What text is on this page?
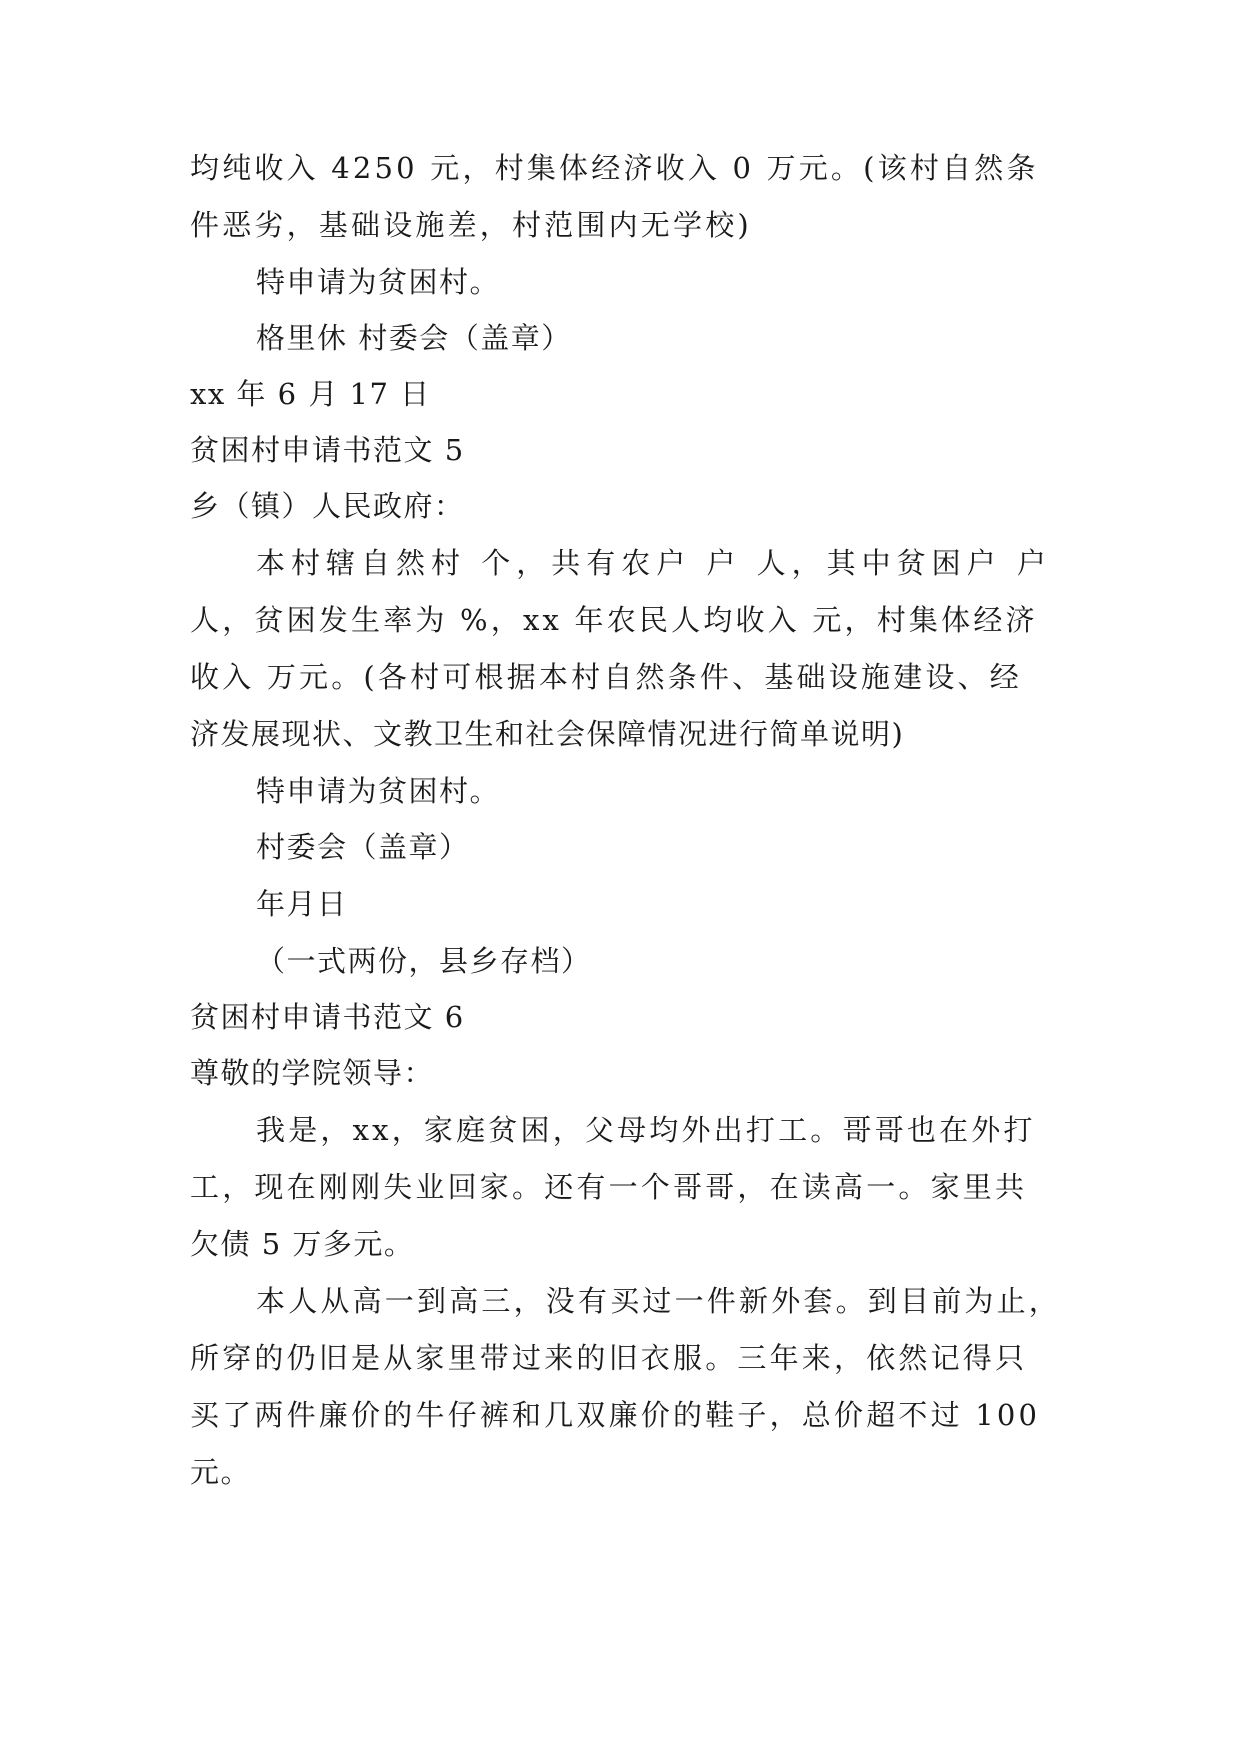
均纯收入 4250 元，村集体经济收入 0 万元。(该村自然条
件恶劣，基础设施差，村范围内无学校)
特申请为贫困村。
格里休 村委会（盖章）
xx 年 6 月 17 日
贫困村申请书范文 5
乡（镇）人民政府：
本村辖自然村 个，共有农户 户 人，其中贫困户 户
人，贫困发生率为 %，xx 年农民人均收入 元，村集体经济
收入 万元。(各村可根据本村自然条件、基础设施建设、经
济发展现状、文教卫生和社会保障情况进行简单说明)
特申请为贫困村。
村委会（盖章）
年月日
（一式两份，县乡存档）
贫困村申请书范文 6
尊敬的学院领导：
我是，xx，家庭贫困，父母均外出打工。哥哥也在外打
工，现在刚刚失业回家。还有一个哥哥，在读高一。家里共
欠债 5 万多元。
本人从高一到高三，没有买过一件新外套。到目前为止，
所穿的仍旧是从家里带过来的旧衣服。三年来，依然记得只
买了两件廉价的牛仔裤和几双廉价的鞋子，总价超不过 100
元。
